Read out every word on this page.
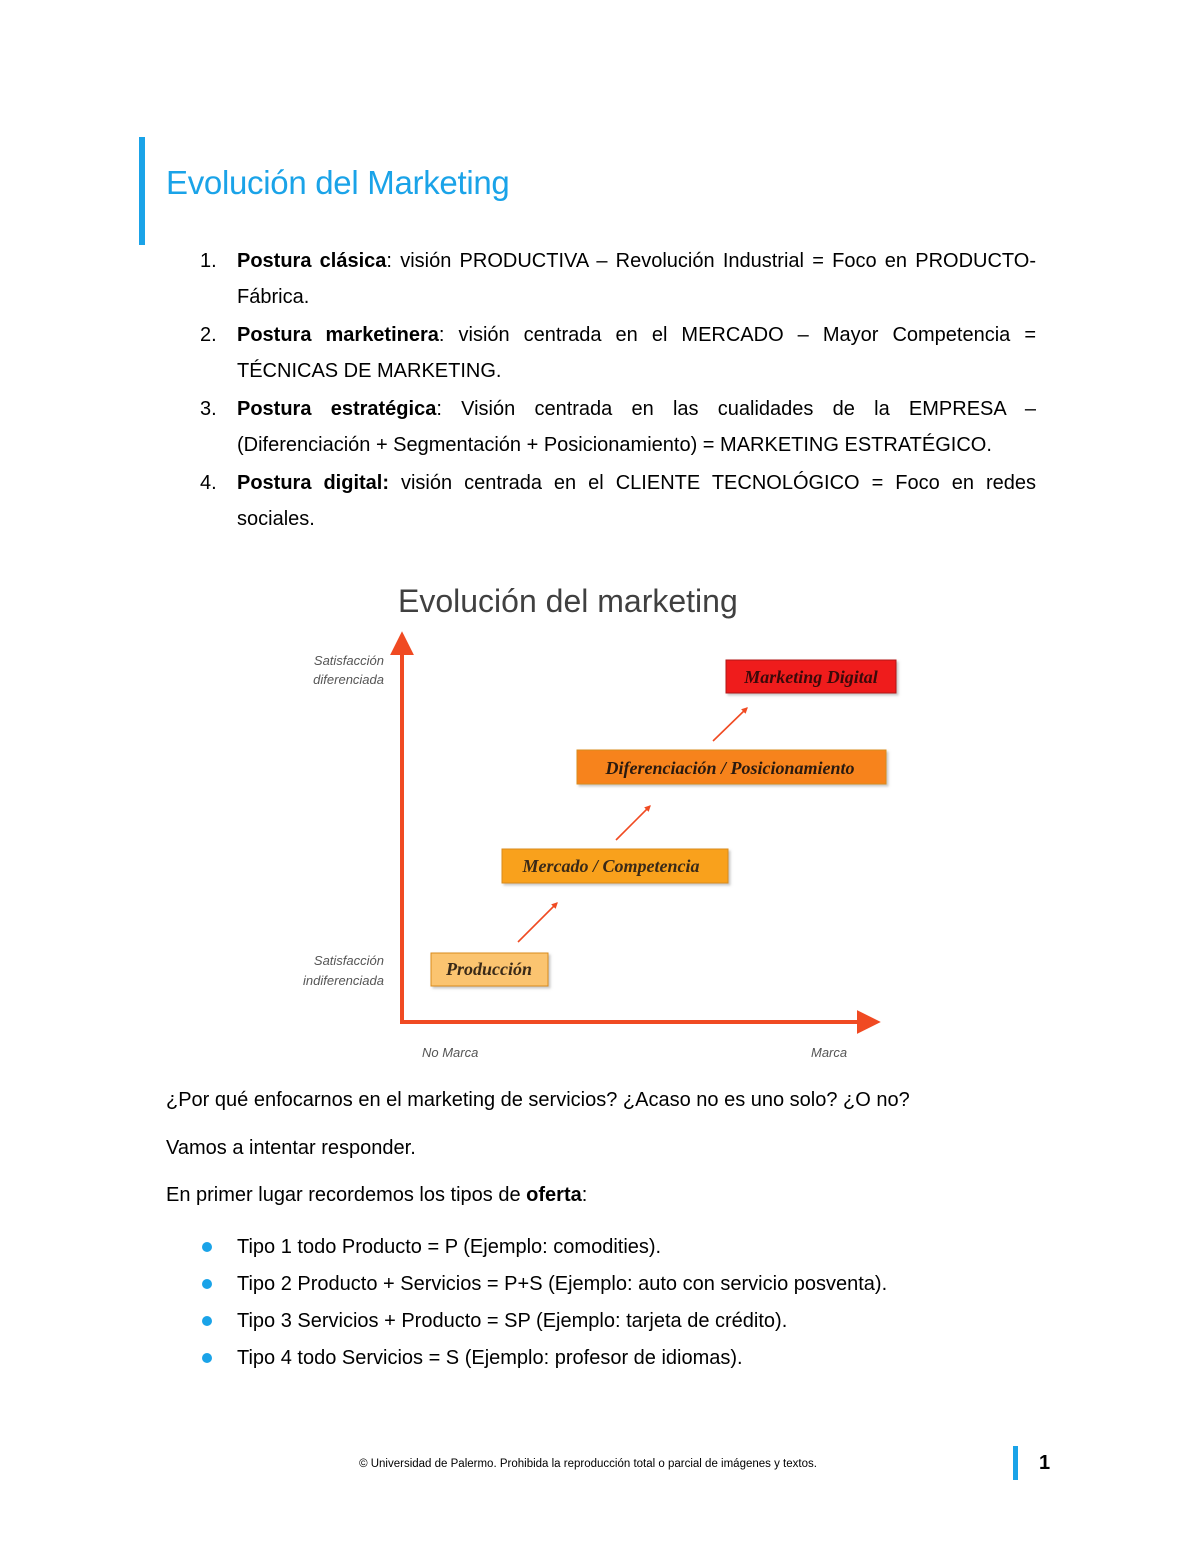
Evolución del Marketing
1. Postura clásica: visión PRODUCTIVA – Revolución Industrial = Foco en PRODUCTO-Fábrica.
2. Postura marketinera: visión centrada en el MERCADO – Mayor Competencia = TÉCNICAS DE MARKETING.
3. Postura estratégica: Visión centrada en las cualidades de la EMPRESA – (Diferenciación + Segmentación + Posicionamiento) = MARKETING ESTRATÉGICO.
4. Postura digital: visión centrada en el CLIENTE TECNOLÓGICO = Foco en redes sociales.
Evolución del marketing
Satisfacción
diferenciada
Satisfacción
indiferenciada
No Marca	Marca
Producción
Mercado / Competencia
Diferenciación / Posicionamiento
Marketing Digital

¿Por qué enfocarnos en el marketing de servicios? ¿Acaso no es uno solo? ¿O no?

Vamos a intentar responder.

En primer lugar recordemos los tipos de oferta:

Tipo 1 todo Producto = P (Ejemplo: comodities).
Tipo 2 Producto + Servicios = P+S (Ejemplo: auto con servicio posventa).
Tipo 3 Servicios + Producto = SP (Ejemplo: tarjeta de crédito).
Tipo 4 todo Servicios = S (Ejemplo: profesor de idiomas).
© Universidad de Palermo. Prohibida la reproducción total o parcial de imágenes y textos.	1
